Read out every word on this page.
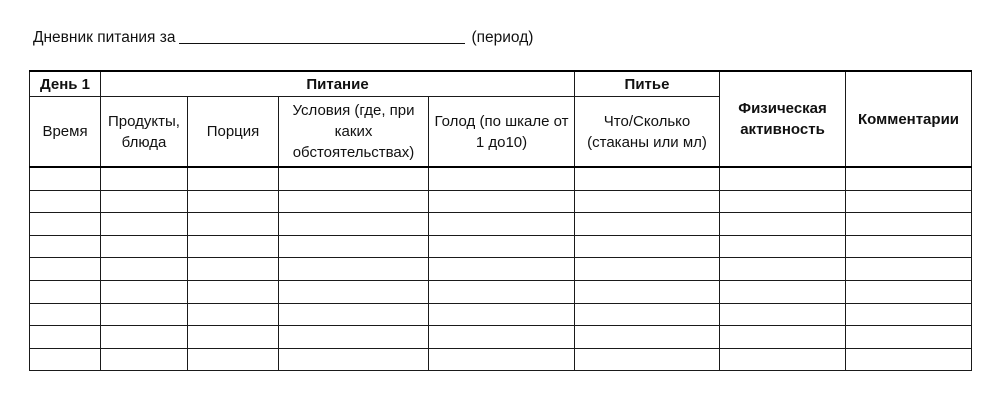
Дневник питания за	(период)
День 1	Питание				Питье	Физическая активность	Комментарии
Время	Продукты, блюда	Порция	Условия (где, при каких обстоятельствах)	Голод (по шкале от 1 до10)	Что/Сколько (стаканы или мл)		
